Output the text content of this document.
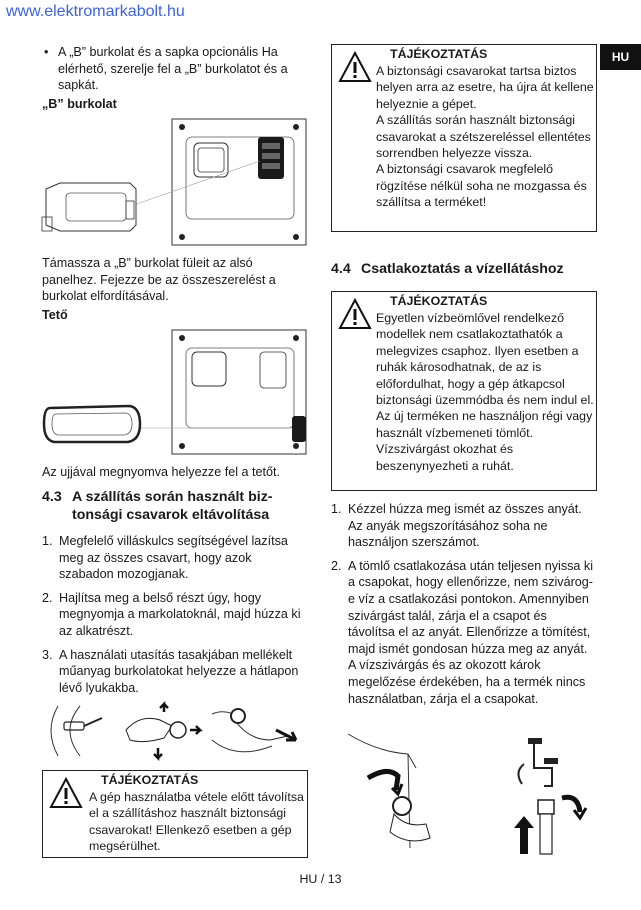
www.elektromarkabolt.hu
HU

• A „B” burkolat és a sapka opcionális Ha elérhető, szerelje fel a „B” burkolatot és a sapkát.

„B” burkolat

Támassza a „B” burkolat füleit az alsó panelhez. Fejezze be az összeszerelést a burkolat elfordításával.

Tető

Az ujjával megnyomva helyezze fel a tetőt.

4.3 A szállítás során használt biz-
tonsági csavarok eltávolítása
1. Megfelelő villáskulcs segítségével lazítsa meg az összes csavart, hogy azok szabadon mozogjanak.
2. Hajlítsa meg a belső részt úgy, hogy megnyomja a markolatoknál, majd húzza ki az alkatrészt.
3. A használati utasítás tasakjában mellékelt műanyag burkolatokat helyezze a hátlapon lévő lyukakba.
TÁJÉKOZTATÁS
A gép használatba vétele előtt távolítsa el a szállításhoz használt biztonsági csavarokat! Ellenkező esetben a gép megsérülhet.
TÁJÉKOZTATÁS
A biztonsági csavarokat tartsa biztos helyen arra az esetre, ha újra át kellene helyeznie a gépet.
A szállítás során használt biztonsági csavarokat a szétszereléssel ellentétes sorrendben helyezze vissza.
A biztonsági csavarok megfelelő rögzítése nélkül soha ne mozgassa és szállítsa a terméket!
4.4 Csatlakoztatás a vízellátáshoz
TÁJÉKOZTATÁS
Egyetlen vízbeömlővel rendelkező modellek nem csatlakoztathatók a melegvizes csaphoz. Ilyen esetben a ruhák károsodhatnak, de az is előfordulhat, hogy a gép átkapcsol biztonsági üzemmódba és nem indul el.
Az új terméken ne használjon régi vagy használt vízbemeneti tömlőt. Vízszivárgást okozhat és beszenynyezheti a ruhát.
1. Kézzel húzza meg ismét az összes anyát. Az anyák megszorításához soha ne használjon szerszámot.
2. A tömlő csatlakozása után teljesen nyissa ki a csapokat, hogy ellenőrizze, nem szivárog-e víz a csatlakozási pontokon. Amennyiben szivárgást talál, zárja el a csapot és távolítsa el az anyát. Ellenőrizze a tömítést, majd ismét gondosan húzza meg az anyát. A vízszivárgás és az okozott károk megelőzése érdekében, ha a termék nincs használatban, zárja el a csapokat.
HU / 13
